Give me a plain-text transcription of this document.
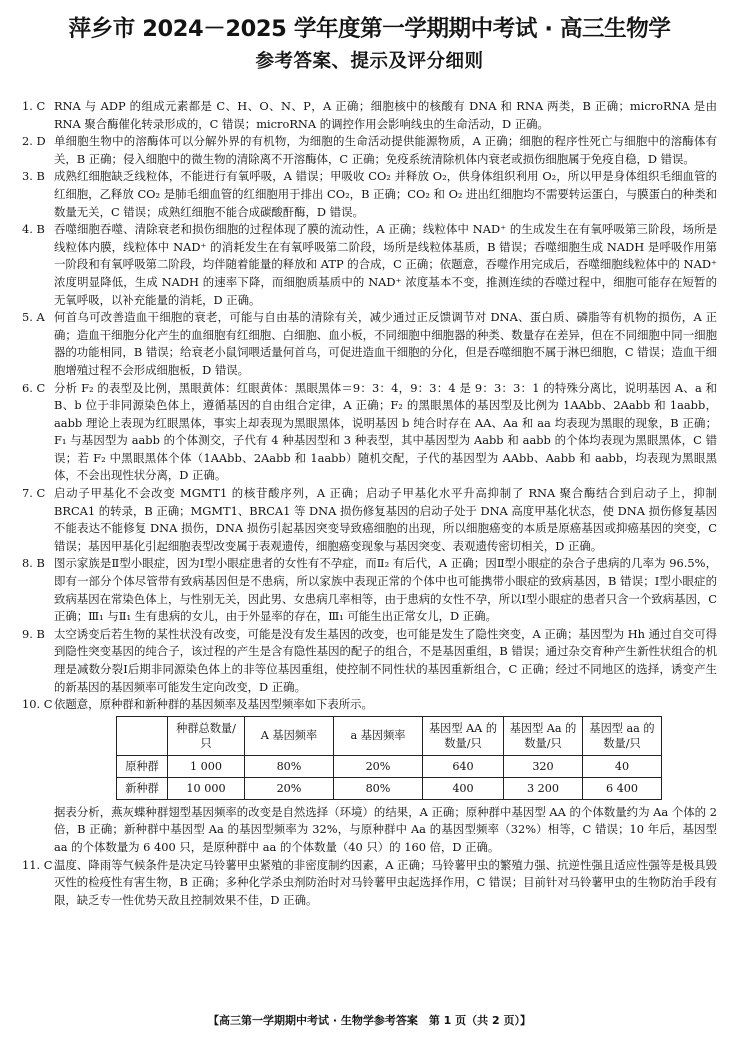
萍乡市 2024－2025 学年度第一学期期中考试 · 高三生物学
参考答案、提示及评分细则
1. C RNA 与 ADP 的组成元素都是 C、H、O、N、P，A 正确；细胞核中的核酸有 DNA 和 RNA 两类，B 正确；microRNA 是由 RNA 聚合酶催化转录形成的，C 错误；microRNA 的调控作用会影响线虫的生命活动，D 正确。
2. D 单细胞生物中的溶酶体可以分解外界的有机物，为细胞的生命活动提供能源物质，A 正确；细胞的程序性死亡与细胞中的溶酶体有关，B 正确；侵入细胞中的微生物的清除离不开溶酶体，C 正确；免疫系统清除机体内衰老或损伤细胞属于免疫自稳，D 错误。
3. B 成熟红细胞缺乏线粒体，不能进行有氧呼吸，A 错误；甲吸收 CO₂ 并释放 O₂，供身体组织利用 O₂，所以甲是身体组织毛细血管的红细胞，乙释放 CO₂ 是肺毛细血管的红细胞用于排出 CO₂，B 正确；CO₂ 和 O₂ 进出红细胞均不需要转运蛋白，与膜蛋白的种类和数量无关，C 错误；成熟红细胞不能合成碳酸酐酶，D 错误。
4. B 吞噬细胞吞噬、清除衰老和损伤细胞的过程体现了膜的流动性，A 正确；线粒体中 NAD⁺ 的生成发生在有氧呼吸第三阶段，场所是线粒体内膜，线粒体中 NAD⁺ 的消耗发生在有氧呼吸第二阶段，场所是线粒体基质，B 错误；吞噬细胞生成 NADH 是呼吸作用第一阶段和有氧呼吸第二阶段，均伴随着能量的释放和 ATP 的合成，C 正确；依题意，吞噬作用完成后，吞噬细胞线粒体中的 NAD⁺ 浓度明显降低，生成 NADH 的速率下降，而细胞质基质中的 NAD⁺ 浓度基本不变，推测连续的吞噬过程中，细胞可能存在短暂的无氧呼吸，以补充能量的消耗，D 正确。
5. A 何首乌可改善造血干细胞的衰老，可能与自由基的清除有关，减少通过正反馈调节对 DNA、蛋白质、磷脂等有机物的损伤，A 正确；造血干细胞分化产生的血细胞有红细胞、白细胞、血小板，不同细胞中细胞器的种类、数量存在差异，但在不同细胞中同一细胞器的功能相同，B 错误；给衰老小鼠饲喂适量何首乌，可促进造血干细胞的分化，但是吞噬细胞不属于淋巴细胞，C 错误；造血干细胞增殖过程不会形成细胞板，D 错误。
6. C 分析 F₂ 的表型及比例，黑眼黄体：红眼黄体：黑眼黑体＝9：3：4，9：3：4 是 9：3：3：1 的特殊分离比，说明基因 A、a 和 B、b 位于非同源染色体上，遵循基因的自由组合定律，A 正确；F₂ 的黑眼黑体的基因型及比例为 1AAbb、2Aabb 和 1aabb，aabb 理论上表现为红眼黑体，事实上却表现为黑眼黑体，说明基因 b 纯合时存在 AA、Aa 和 aa 均表现为黑眼的现象，B 正确；F₁ 与基因型为 aabb 的个体测交，子代有 4 种基因型和 3 种表型，其中基因型为 Aabb 和 aabb 的个体均表现为黑眼黑体，C 错误；若 F₂ 中黑眼黑体个体（1AAbb、2Aabb 和 1aabb）随机交配，子代的基因型为 AAbb、Aabb 和 aabb，均表现为黑眼黑体，不会出现性状分离，D 正确。
7. C 启动子甲基化不会改变 MGMT1 的核苷酸序列，A 正确；启动子甲基化水平升高抑制了 RNA 聚合酶结合到启动子上，抑制 BRCA1 的转录，B 正确；MGMT1、BRCA1 等 DNA 损伤修复基因的启动子处于 DNA 高度甲基化状态，使 DNA 损伤修复基因不能表达不能修复 DNA 损伤，DNA 损伤引起基因突变导致癌细胞的出现，所以细胞癌变的本质是原癌基因或抑癌基因的突变，C 错误；基因甲基化引起细胞表型改变属于表观遗传，细胞癌变现象与基因突变、表观遗传密切相关，D 正确。
8. B 图示家族是Ⅱ型小眼症，因为Ⅰ型小眼症患者的女性有不孕症，而Ⅱ₂ 有后代，A 正确；因Ⅱ型小眼症的杂合子患病的几率为 96.5%，即有一部分个体尽管带有致病基因但是不患病，所以家族中表现正常的个体中也可能携带小眼症的致病基因，B 错误；Ⅰ型小眼症的致病基因在常染色体上，与性别无关，因此男、女患病几率相等，由于患病的女性不孕，所以Ⅰ型小眼症的患者只含一个致病基因，C 正确；Ⅲ₁ 与Ⅱ₁ 生有患病的女儿，由于外显率的存在，Ⅲ₁ 可能生出正常女儿，D 正确。
9. B 太空诱变后若生物的某性状没有改变，可能是没有发生基因的改变，也可能是发生了隐性突变，A 正确；基因型为 Hh 通过自交可得到隐性突变基因的纯合子，该过程的产生是含有隐性基因的配子的组合，不是基因重组，B 错误；通过杂交育种产生新性状组合的机理是减数分裂Ⅰ后期非同源染色体上的非等位基因重组，使控制不同性状的基因重新组合，C 正确；经过不同地区的选择，诱变产生的新基因的基因频率可能发生定向改变，D 正确。
10. C 依题意，原种群和新种群的基因频率及基因型频率如下表所示。
	种群总数量/只	A 基因频率	a 基因频率	基因型 AA 的数量/只	基因型 Aa 的数量/只	基因型 aa 的数量/只
原种群	1 000	80%	20%	640	320	40
新种群	10 000	20%	80%	400	3 200	6 400
据表分析，燕灰蝶种群翅型基因频率的改变是自然选择（环境）的结果，A 正确；原种群中基因型 AA 的个体数量约为 Aa 个体的 2 倍，B 正确；新种群中基因型 Aa 的基因型频率为 32%，与原种群中 Aa 的基因型频率（32%）相等，C 错误；10 年后，基因型 aa 的个体数量为 6 400 只，是原种群中 aa 的个体数量（40 只）的 160 倍，D 正确。
11. C 温度、降雨等气候条件是决定马铃薯甲虫紧殖的非密度制约因素，A 正确；马铃薯甲虫的繁殖力强、抗逆性强且适应性强等是极具毁灭性的检疫性有害生物，B 正确；多种化学杀虫剂防治时对马铃薯甲虫起选择作用，C 错误；目前针对马铃薯甲虫的生物防治手段有限，缺乏专一性优势天敌且控制效果不佳，D 正确。
【高三第一学期期中考试 · 生物学参考答案　第 1 页（共 2 页）】
